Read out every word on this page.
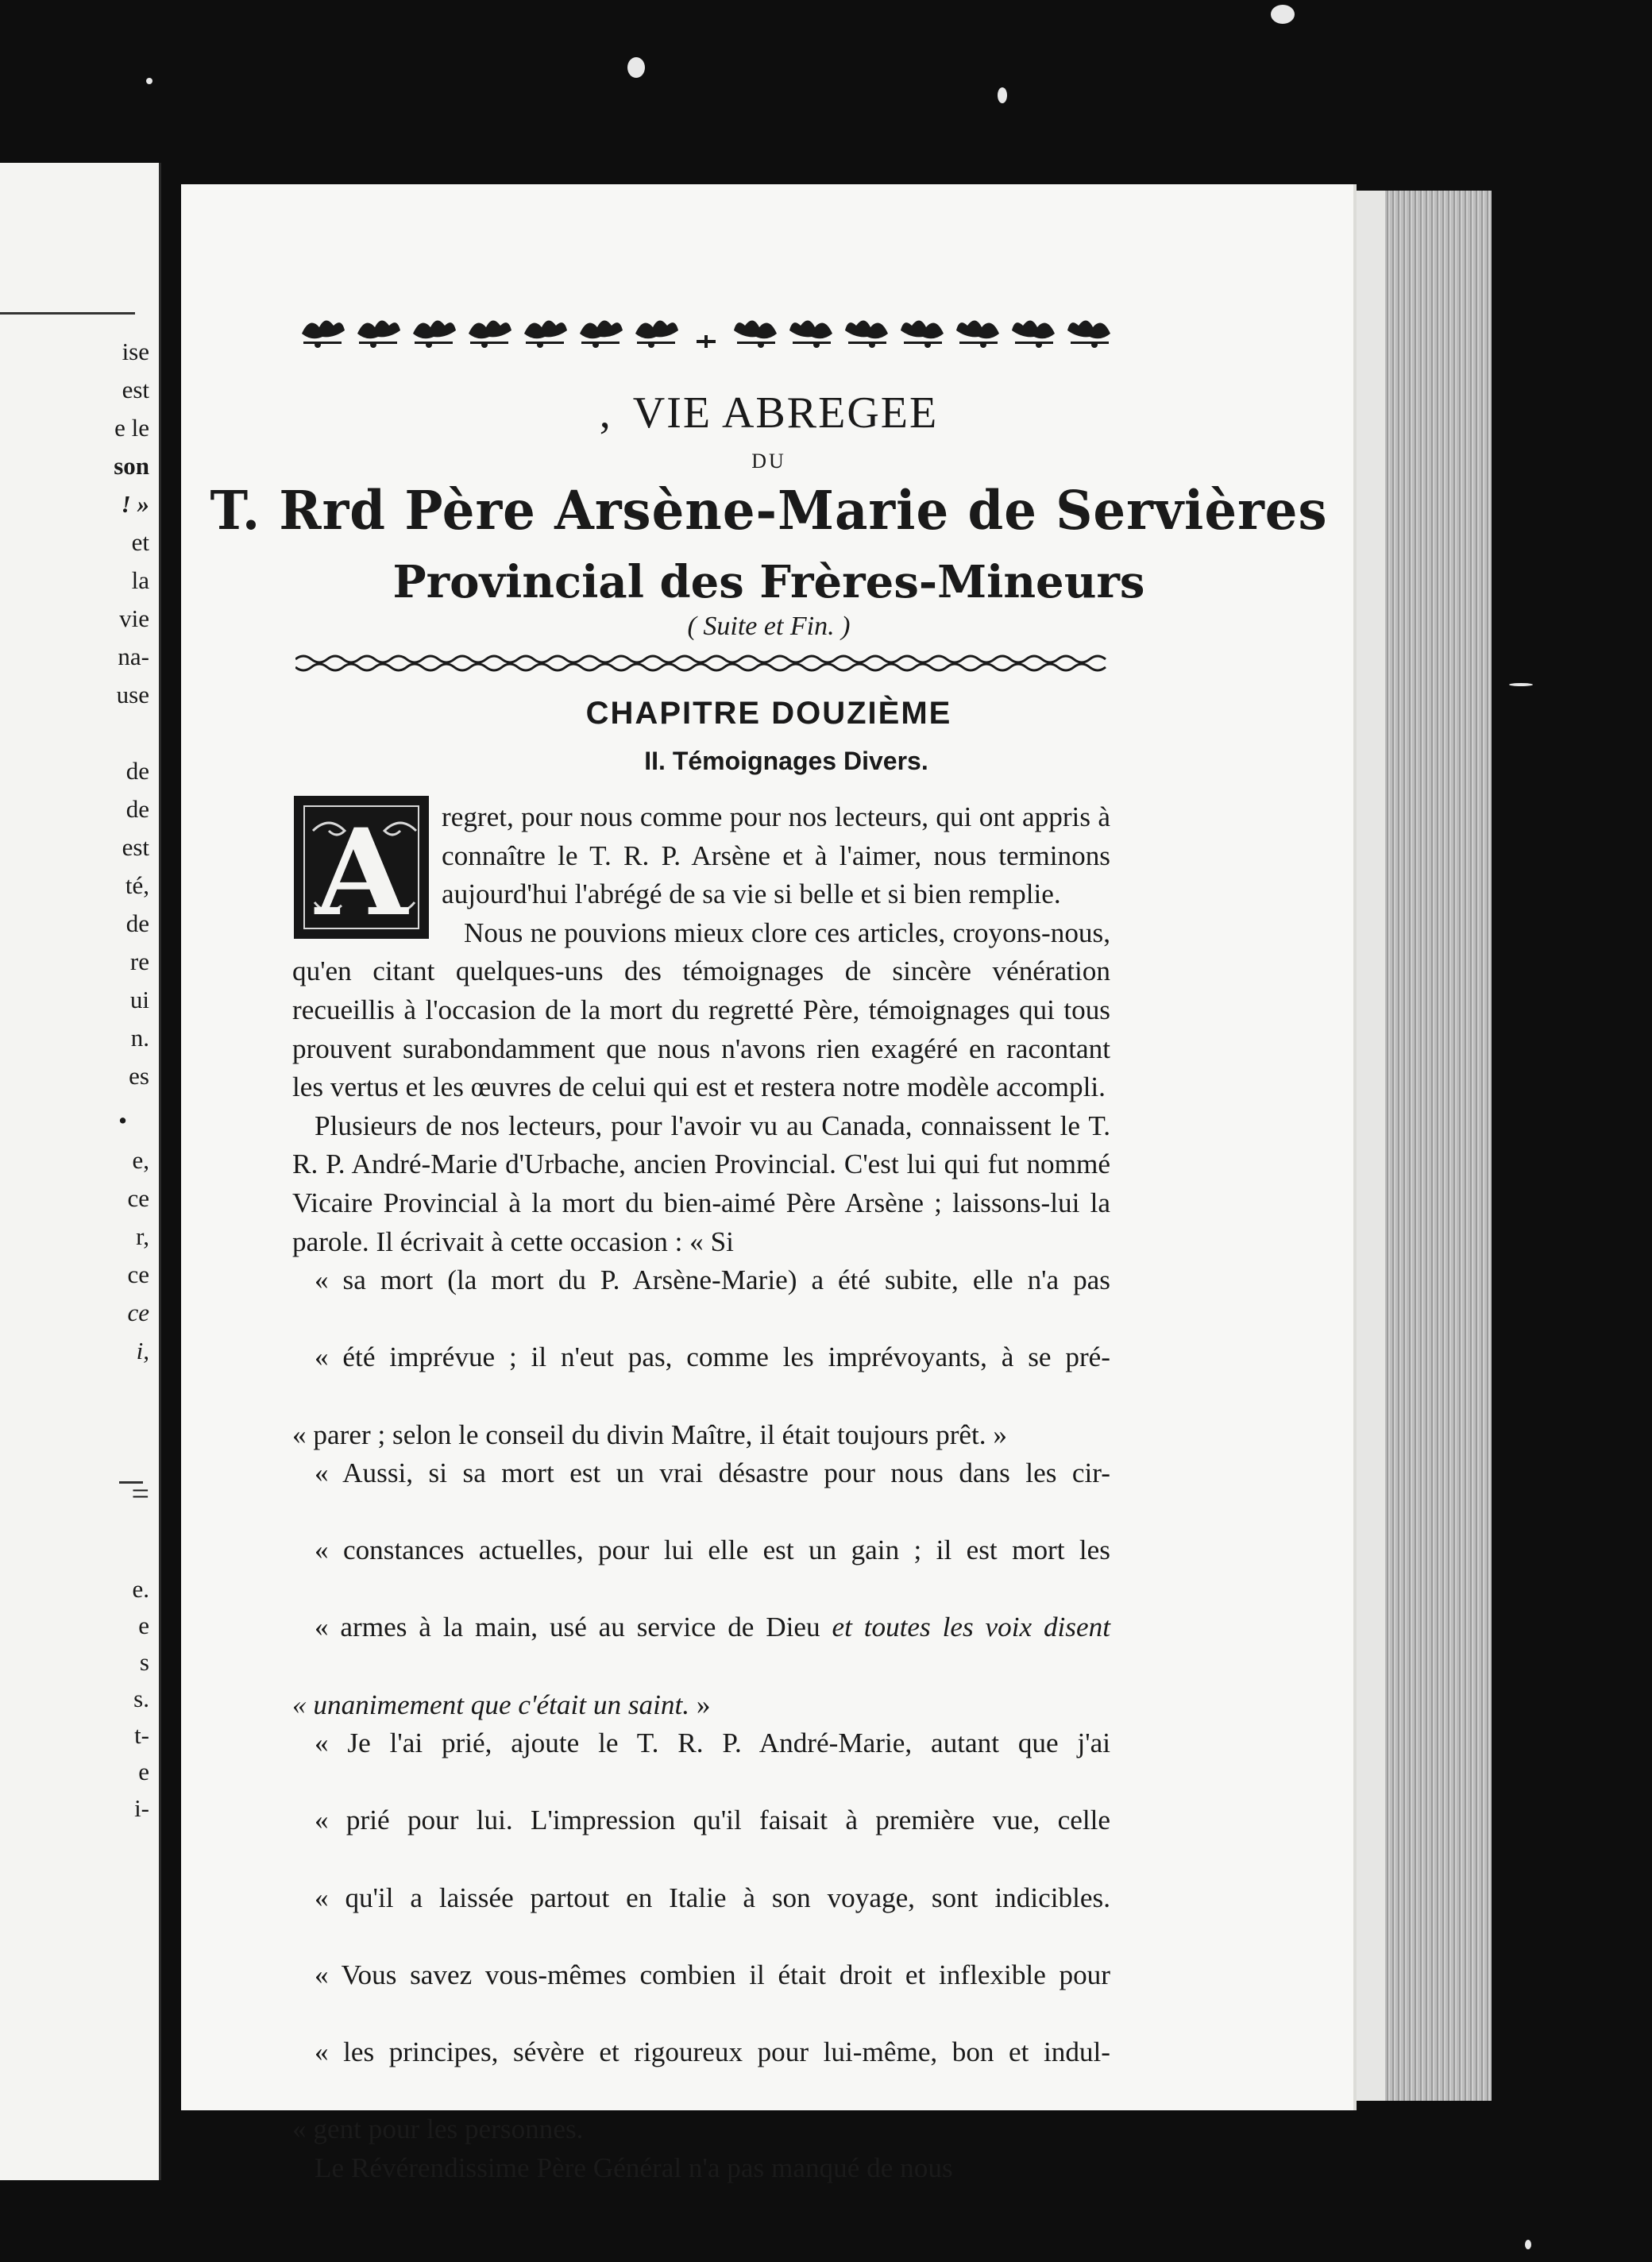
ise
est
e le
son
! »
et
la
vie
na-
use
de
de
est
té,
de
re
ui
n.
es
•
e,
ce
r,
ce
ce
i,
=
e.
e
s
s.
t-
e
i-
, VIE ABREGEE
DU
T. Rrd Père Arsène-Marie de Servières
Provincial des Frères-Mineurs
( Suite et Fin. )
CHAPITRE DOUZIÈME
II. Témoignages Divers.
A	regret, pour nous comme pour nos lecteurs, qui ont appris à connaître le T. R. P. Arsène et à l'aimer, nous terminons aujourd'hui l'abrégé de sa vie si belle et si bien remplie.

Nous ne pouvions mieux clore ces articles, croyons-nous, qu'en citant quelques-uns des témoignages de sincère vénération recueillis à l'occasion de la mort du regretté Père, témoignages qui tous prouvent surabondamment que nous n'avons rien exagéré en racontant les vertus et les œuvres de celui qui est et restera notre modèle accompli.

Plusieurs de nos lecteurs, pour l'avoir vu au Canada, connaissent le T. R. P. André-Marie d'Urbache, ancien Provincial. C'est lui qui fut nommé Vicaire Provincial à la mort du bien-aimé Père Arsène ; laissons-lui la parole. Il écrivait à cette occasion : « Si
« sa mort (la mort du P. Arsène-Marie) a été subite, elle n'a pas
« été imprévue ; il n'eut pas, comme les imprévoyants, à se pré-
« parer ; selon le conseil du divin Maître, il était toujours prêt. »

« Aussi, si sa mort est un vrai désastre pour nous dans les cir-
« constances actuelles, pour lui elle est un gain ; il est mort les
« armes à la main, usé au service de Dieu et toutes les voix disent
« unanimement que c'était un saint. »

« Je l'ai prié, ajoute le T. R. P. André-Marie, autant que j'ai
« prié pour lui. L'impression qu'il faisait à première vue, celle
« qu'il a laissée partout en Italie à son voyage, sont indicibles.
« Vous savez vous-mêmes combien il était droit et inflexible pour
« les principes, sévère et rigoureux pour lui-même, bon et indul-
« gent pour les personnes.

Le Révérendissime Père Général n'a pas manqué de nous
